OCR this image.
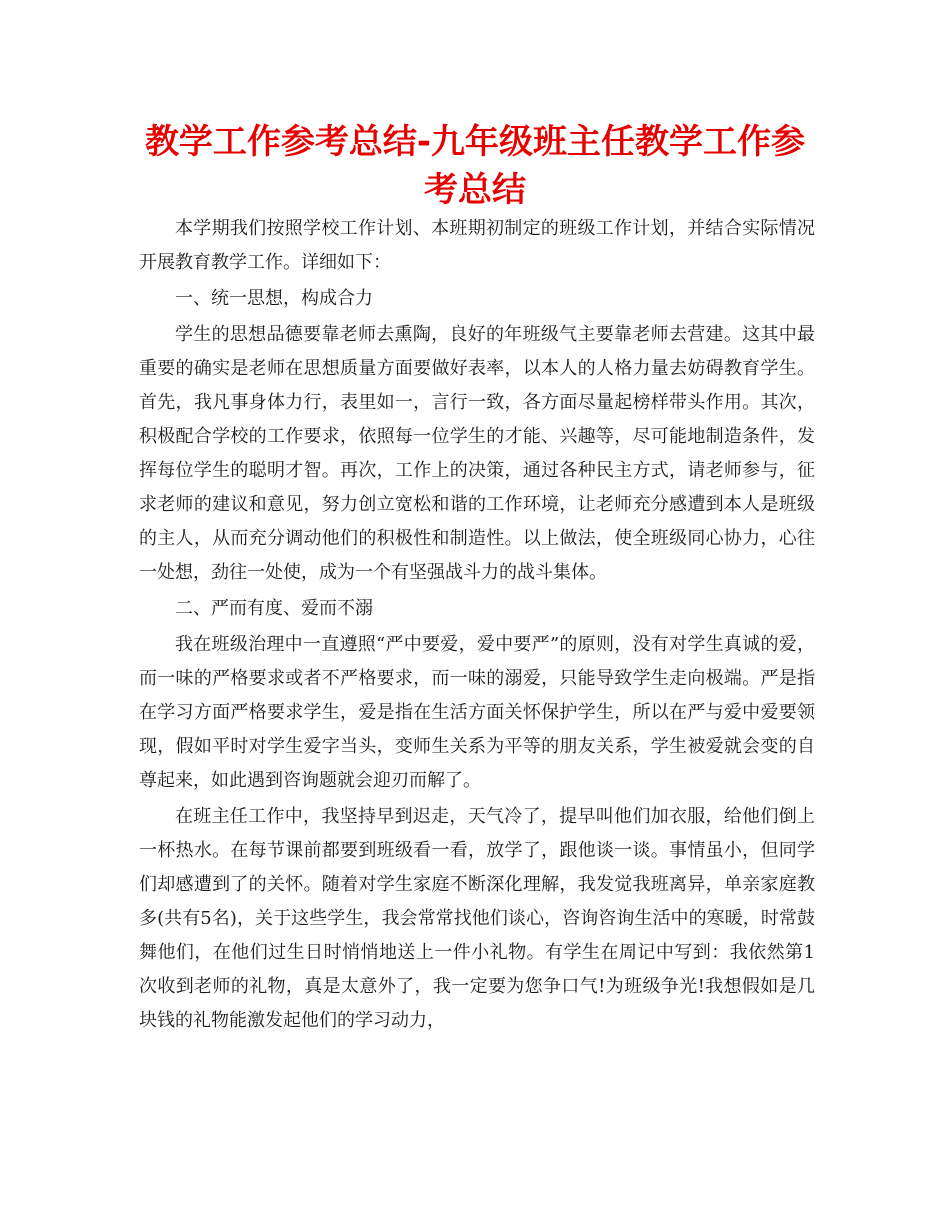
教学工作参考总结-九年级班主任教学工作参考总结

本学期我们按照学校工作计划、本班期初制定的班级工作计划，并结合实际情况开展教育教学工作。详细如下：

一、统一思想，构成合力

学生的思想品德要靠老师去熏陶，良好的年班级气主要靠老师去营建。这其中最重要的确实是老师在思想质量方面要做好表率，以本人的人格力量去妨碍教育学生。首先，我凡事身体力行，表里如一，言行一致，各方面尽量起榜样带头作用。其次，积极配合学校的工作要求，依照每一位学生的才能、兴趣等，尽可能地制造条件，发挥每位学生的聪明才智。再次，工作上的决策，通过各种民主方式，请老师参与，征求老师的建议和意见，努力创立宽松和谐的工作环境，让老师充分感遭到本人是班级的主人，从而充分调动他们的积极性和制造性。以上做法，使全班级同心协力，心往一处想，劲往一处使，成为一个有坚强战斗力的战斗集体。

二、严而有度、爱而不溺

我在班级治理中一直遵照“严中要爱，爱中要严”的原则，没有对学生真诚的爱，而一味的严格要求或者不严格要求，而一味的溺爱，只能导致学生走向极端。严是指在学习方面严格要求学生，爱是指在生活方面关怀保护学生，所以在严与爱中爱要领现，假如平时对学生爱字当头，变师生关系为平等的朋友关系，学生被爱就会变的自尊起来，如此遇到咨询题就会迎刃而解了。

在班主任工作中，我坚持早到迟走，天气冷了，提早叫他们加衣服，给他们倒上一杯热水。在每节课前都要到班级看一看，放学了，跟他谈一谈。事情虽小，但同学们却感遭到了的关怀。随着对学生家庭不断深化理解，我发觉我班离异，单亲家庭教多(共有5名)，关于这些学生，我会常常找他们谈心，咨询咨询生活中的寒暖，时常鼓舞他们，在他们过生日时悄悄地送上一件小礼物。有学生在周记中写到：我依然第1次收到老师的礼物，真是太意外了，我一定要为您争口气!为班级争光!我想假如是几块钱的礼物能激发起他们的学习动力，
